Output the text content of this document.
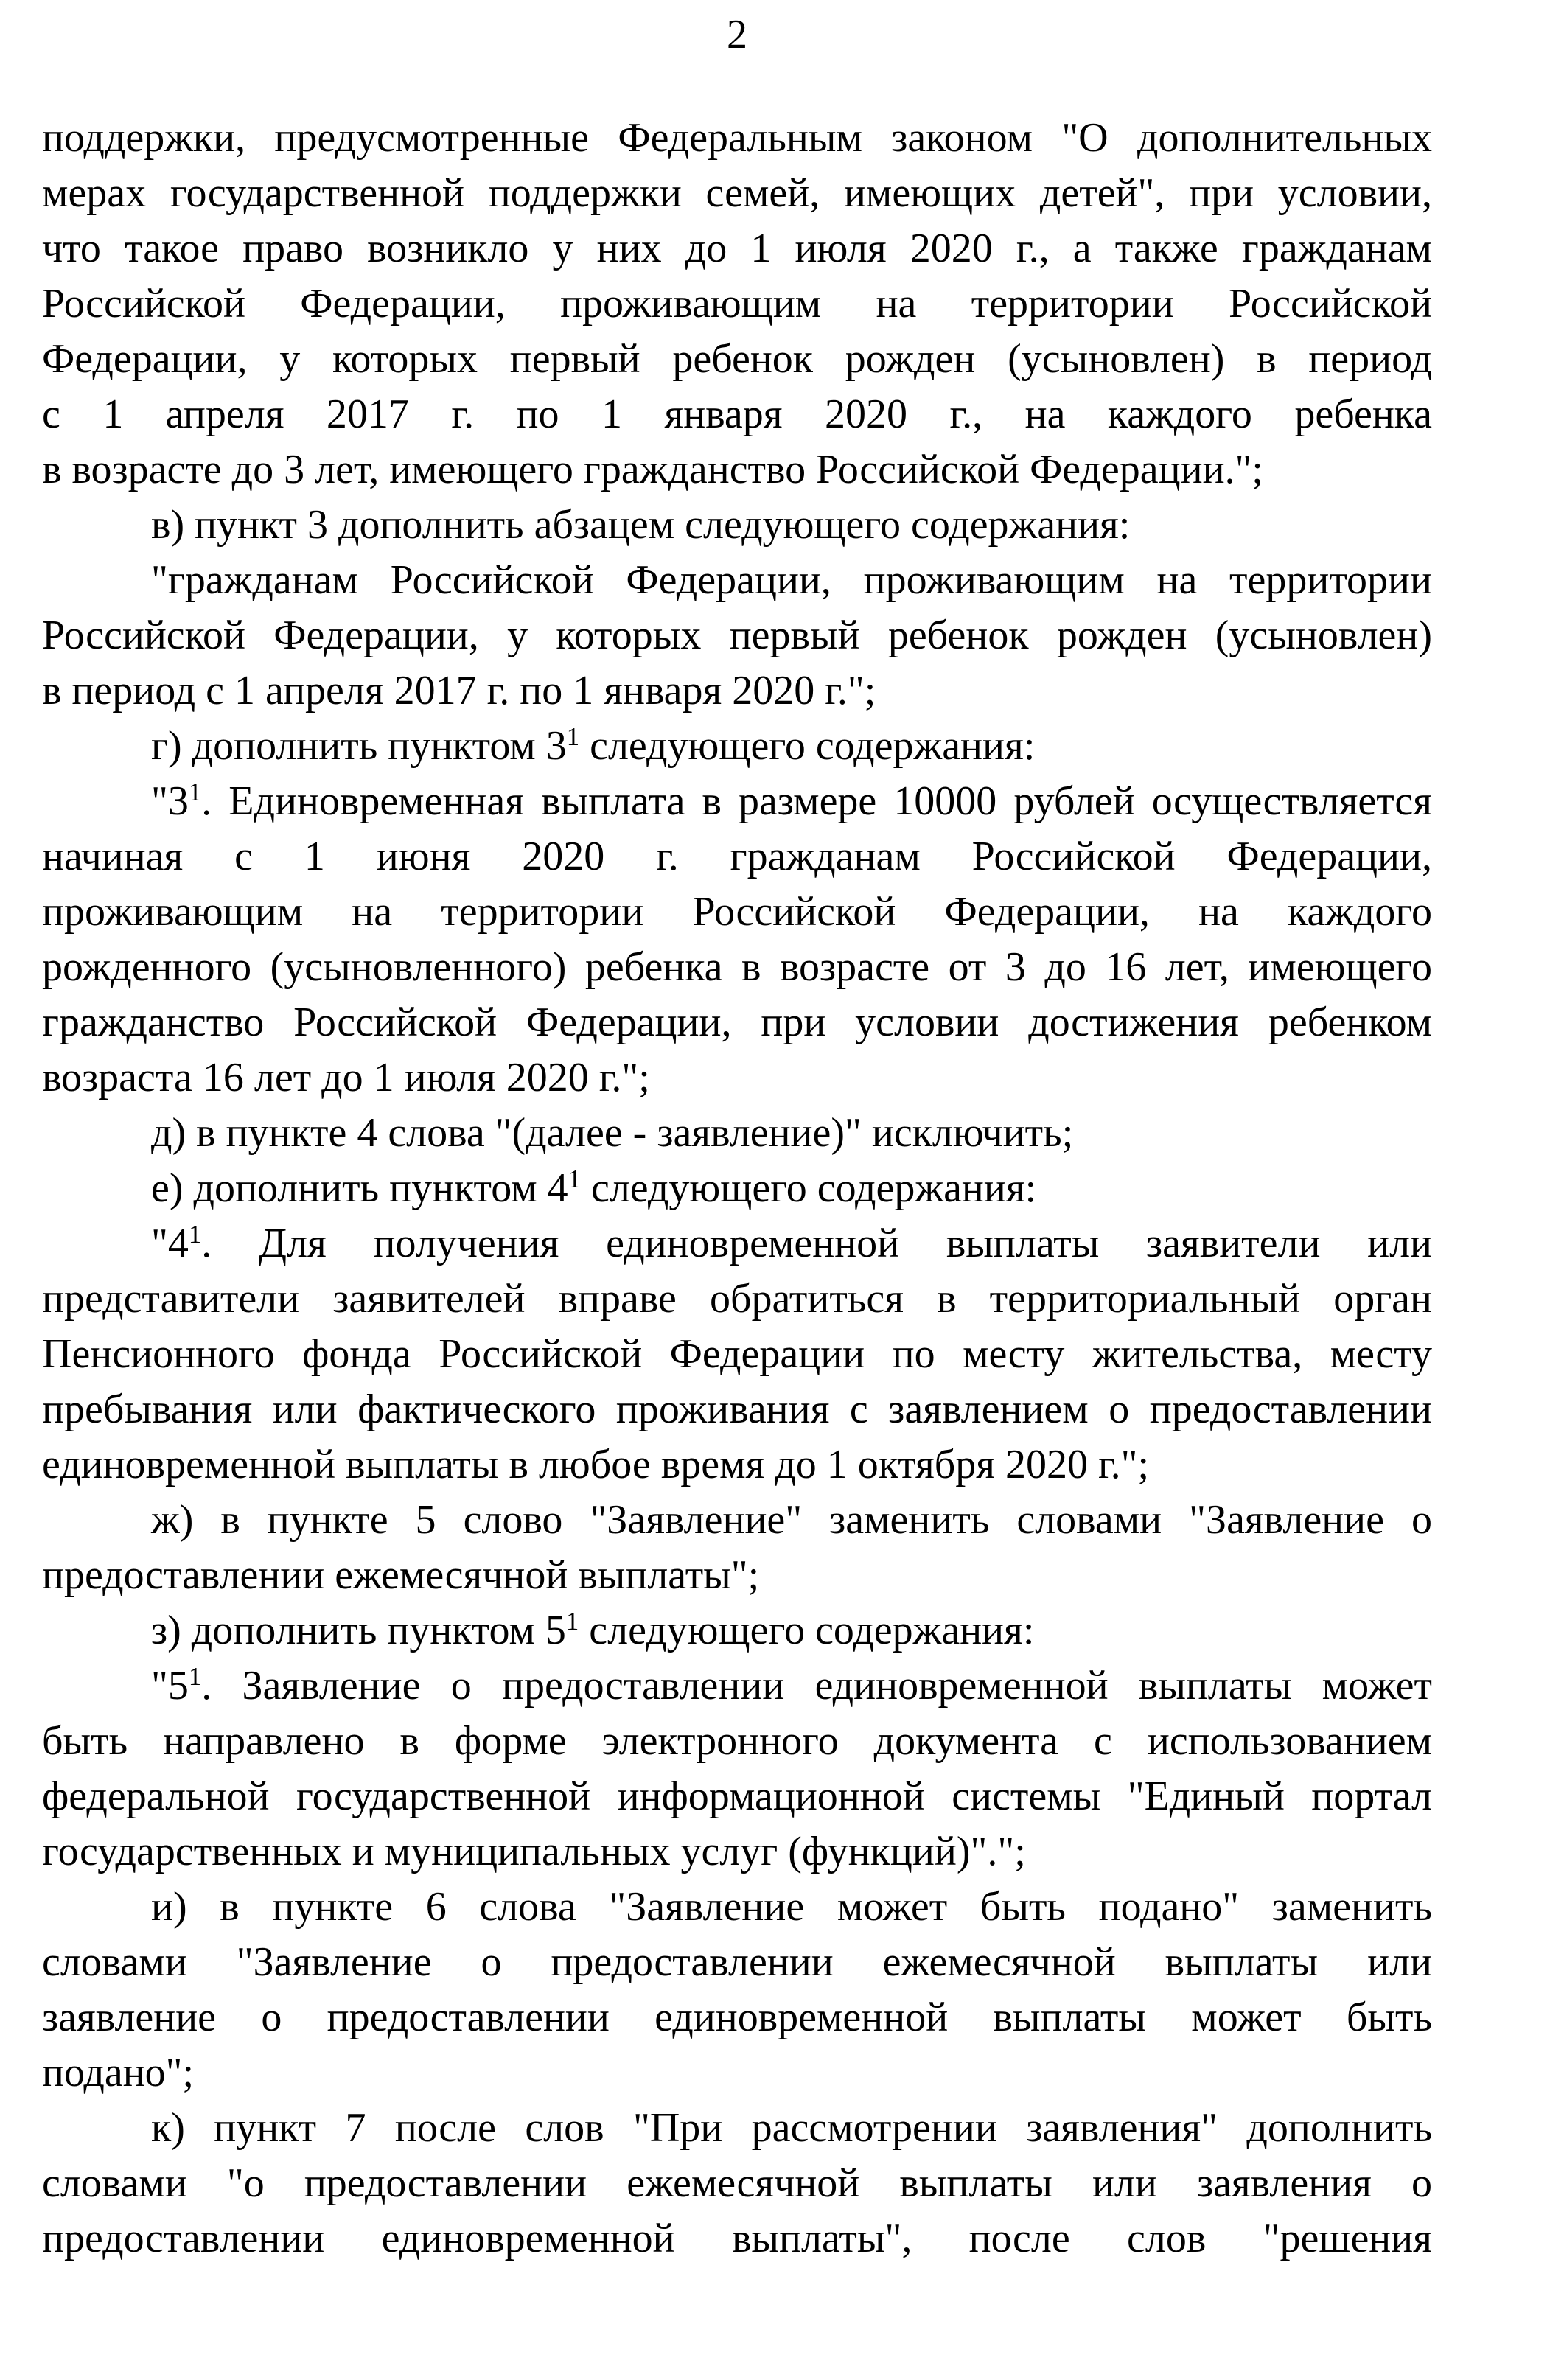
2
поддержки, предусмотренные Федеральным законом "О дополнительных
мерах государственной поддержки семей, имеющих детей", при условии,
что такое право возникло у них до 1 июля 2020 г., а также гражданам
Российской Федерации, проживающим на территории Российской
Федерации, у которых первый ребенок рожден (усыновлен) в период
с 1 апреля 2017 г. по 1 января 2020 г., на каждого ребенка
в возрасте до 3 лет, имеющего гражданство Российской Федерации.";
в) пункт 3 дополнить абзацем следующего содержания:
"гражданам Российской Федерации, проживающим на территории
Российской Федерации, у которых первый ребенок рожден (усыновлен)
в период с 1 апреля 2017 г. по 1 января 2020 г.";
г) дополнить пунктом $3^1$ следующего содержания:
"$3^1$. Единовременная выплата в размере 10000 рублей осуществляется
начиная с 1 июня 2020 г. гражданам Российской Федерации,
проживающим на территории Российской Федерации, на каждого
рожденного (усыновленного) ребенка в возрасте от 3 до 16 лет, имеющего
гражданство Российской Федерации, при условии достижения ребенком
возраста 16 лет до 1 июля 2020 г.";
д) в пункте 4 слова "(далее - заявление)" исключить;
е) дополнить пунктом $4^1$ следующего содержания:
"$4^1$. Для получения единовременной выплаты заявители или
представители заявителей вправе обратиться в территориальный орган
Пенсионного фонда Российской Федерации по месту жительства, месту
пребывания или фактического проживания с заявлением о предоставлении
единовременной выплаты в любое время до 1 октября 2020 г.";
ж) в пункте 5 слово "Заявление" заменить словами "Заявление о
предоставлении ежемесячной выплаты";
з) дополнить пунктом $5^1$ следующего содержания:
"$5^1$. Заявление о предоставлении единовременной выплаты может
быть направлено в форме электронного документа с использованием
федеральной государственной информационной системы "Единый портал
государственных и муниципальных услуг (функций)".";
и) в пункте 6 слова "Заявление может быть подано" заменить
словами "Заявление о предоставлении ежемесячной выплаты или
заявление о предоставлении единовременной выплаты может быть
подано";
к) пункт 7 после слов "При рассмотрении заявления" дополнить
словами "о предоставлении ежемесячной выплаты или заявления о
предоставлении единовременной выплаты", после слов "решения
